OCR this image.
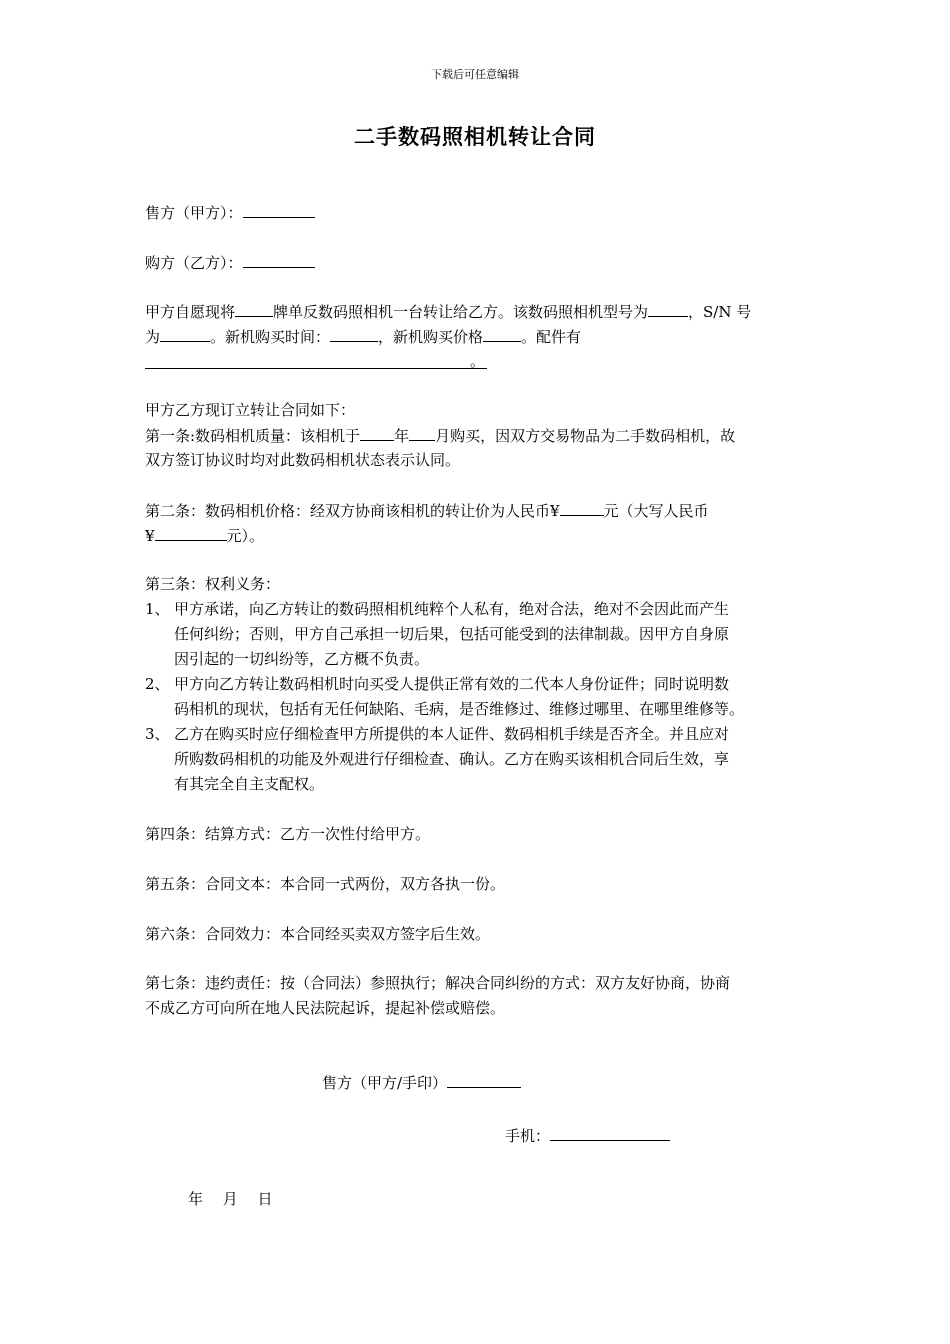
下载后可任意编辑
二手数码照相机转让合同
售方（甲方）：
购方（乙方）：
甲方自愿现将	牌单反数码照相机一台转让给乙方。该数码照相机型号为	，S/N 号
为	。新机购买时间：	，新机购买价格	。配件有
。
甲方乙方现订立转让合同如下：
第一条:数码相机质量：该相机于 年 月购买，因双方交易物品为二手数码相机，故
双方签订协议时均对此数码相机状态表示认同。
第二条：数码相机价格：经双方协商该相机的转让价为人民币¥	元（大写人民币
¥	元）。
第三条：权利义务：
1、 甲方承诺，向乙方转让的数码照相机纯粹个人私有，绝对合法，绝对不会因此而产生
任何纠纷；否则，甲方自己承担一切后果，包括可能受到的法律制裁。因甲方自身原
因引起的一切纠纷等，乙方概不负责。
2、 甲方向乙方转让数码相机时向买受人提供正常有效的二代本人身份证件；同时说明数
码相机的现状，包括有无任何缺陷、毛病，是否维修过、维修过哪里、在哪里维修等。
3、 乙方在购买时应仔细检查甲方所提供的本人证件、数码相机手续是否齐全。并且应对
所购数码相机的功能及外观进行仔细检查、确认。乙方在购买该相机合同后生效，享
有其完全自主支配权。
第四条：结算方式：乙方一次性付给甲方。
第五条：合同文本：本合同一式两份，双方各执一份。
第六条：合同效力：本合同经买卖双方签字后生效。
第七条：违约责任：按（合同法）参照执行；解决合同纠纷的方式：双方友好协商，协商
不成乙方可向所在地人民法院起诉，提起补偿或赔偿。
售方（甲方/手印）
手机：
年　 月　 日
